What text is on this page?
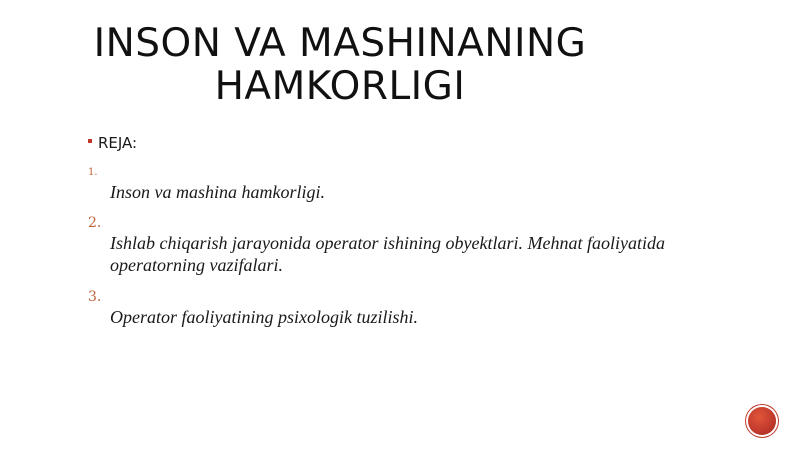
INSON VA MASHINANING
HAMKORLIGI
REJA:
1.
Inson va mashina hamkorligi.
2.
Ishlab chiqarish jarayonida operator ishining obyektlari. Mehnat faoliyatida operatorning vazifalari.
3.
Operator faoliyatining psixologik tuzilishi.
